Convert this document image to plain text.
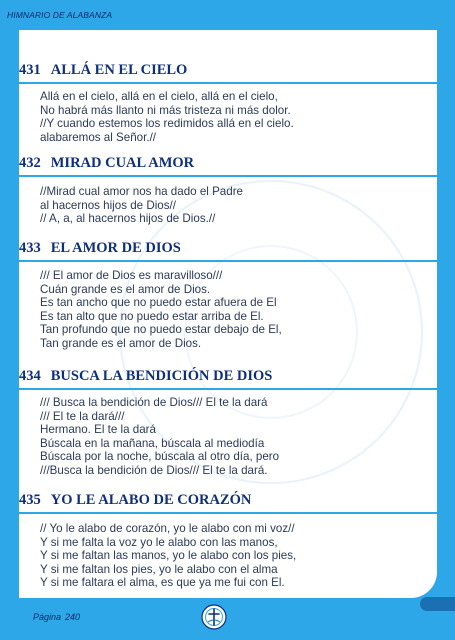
HIMNARIO DE ALABANZA
431 ALLÁ EN EL CIELO
Allá en el cielo, allá en el cielo, allá en el cielo,
No habrá más llanto ni más tristeza ni más dolor.
//Y cuando estemos los redimidos allá en el cielo.
alabaremos al Señor.//
432 MIRAD CUAL AMOR
//Mirad cual amor nos ha dado el Padre
al hacernos hijos de Dios//
// A, a, al hacernos hijos de Dios.//
433 EL AMOR DE DIOS
/// El amor de Dios es maravilloso///
Cuán grande es el amor de Dios.
Es tan ancho que no puedo estar afuera de El
Es tan alto que no puedo estar arriba de El.
Tan profundo que no puedo estar debajo de El,
Tan grande es el amor de Dios.
434 BUSCA LA BENDICIÓN DE DIOS
/// Busca la bendición de Dios/// El te la dará
/// El te la dará///
Hermano. El te la dará
Búscala en la mañana, búscala al mediodía
Búscala por la noche, búscala al otro día, pero
///Busca la bendición de Dios/// El te la dará.
435 YO LE ALABO DE CORAZÓN
// Yo le alabo de corazón, yo le alabo con mi voz//
Y si me falta la voz yo le alabo con las manos,
Y si me faltan las manos, yo le alabo con los pies,
Y si me faltan los pies, yo le alabo con el alma
Y si me faltara el alma, es que ya me fui con El.
Página 240
